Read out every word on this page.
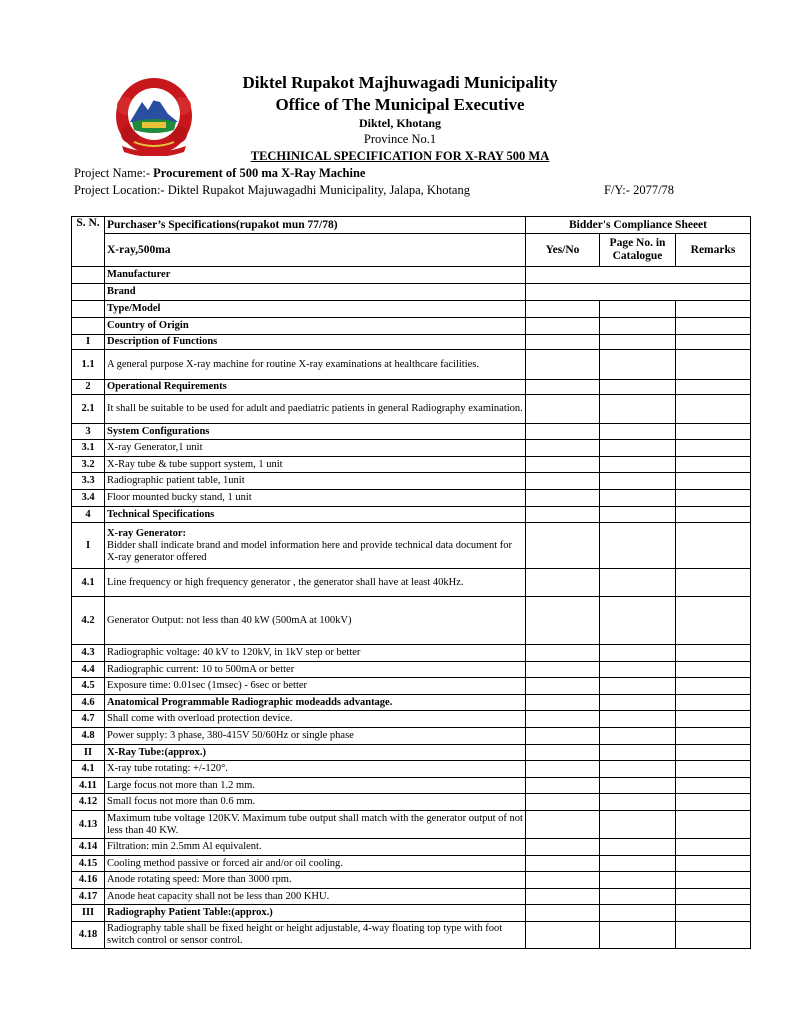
Diktel Rupakot Majhuwagadi Municipality
Office of The Municipal Executive
Diktel, Khotang
Province No.1
TECHINICAL SPECIFICATION FOR X-RAY 500 MA
Project Name:- Procurement of 500 ma X-Ray Machine
Project Location:- Diktel Rupakot Majuwagadhi Municipality, Jalapa, Khotang	F/Y:- 2077/78
S. N.	Purchaser’s Specifications(rupakot mun 77/78)	Bidder's Compliance Sheeet		
	X-ray,500ma	Yes/No	Page No. in Catalogue	Remarks
	Manufacturer			
	Brand			
	Type/Model			
	Country of Origin			
I	Description of Functions			
1.1	A general purpose X-ray machine for routine X-ray examinations at healthcare facilities.			
2	Operational Requirements			
2.1	It shall be suitable to be used for adult and paediatric patients in general Radiography examination.			
3	System Configurations			
3.1	X-ray Generator,1 unit			
3.2	X-Ray tube & tube support system, 1 unit			
3.3	Radiographic patient table, 1unit			
3.4	Floor mounted bucky stand, 1 unit			
4	Technical Specifications			
I	X-ray Generator:
Bidder shall indicate brand and model information here and provide technical data document for X-ray generator offered			

4.1	Line frequency or high frequency generator , the generator shall have at least 40kHz.			
4.2	Generator Output: not less than 40 kW (500mA at 100kV)			
4.3	Radiographic voltage: 40 kV to 120kV, in 1kV step or better			
4.4	Radiographic current: 10 to 500mA or better			
4.5	Exposure time: 0.01sec (1msec) - 6sec or better			
4.6	Anatomical Programmable Radiographic modeadds advantage.			
4.7	Shall come with overload protection device.			
4.8	Power supply: 3 phase, 380-415V 50/60Hz or single phase			
II	X-Ray Tube:(approx.)			
4.1	X-ray tube rotating: +/-120°.			
4.11	Large focus not more than 1.2 mm.			
4.12	Small focus not more than 0.6 mm.			
4.13	Maximum tube voltage 120KV. Maximum tube output shall match with the generator output of not less than 40 KW.			
4.14	Filtration: min 2.5mm Al equivalent.			
4.15	Cooling method passive or forced air and/or oil cooling.			
4.16	Anode rotating speed: More than 3000 rpm.			
4.17	Anode heat capacity shall not be less than 200 KHU.			
III	Radiography Patient Table:(approx.)			
4.18	Radiography table shall be fixed height or height adjustable, 4-way floating top type with foot switch control or sensor control.			
